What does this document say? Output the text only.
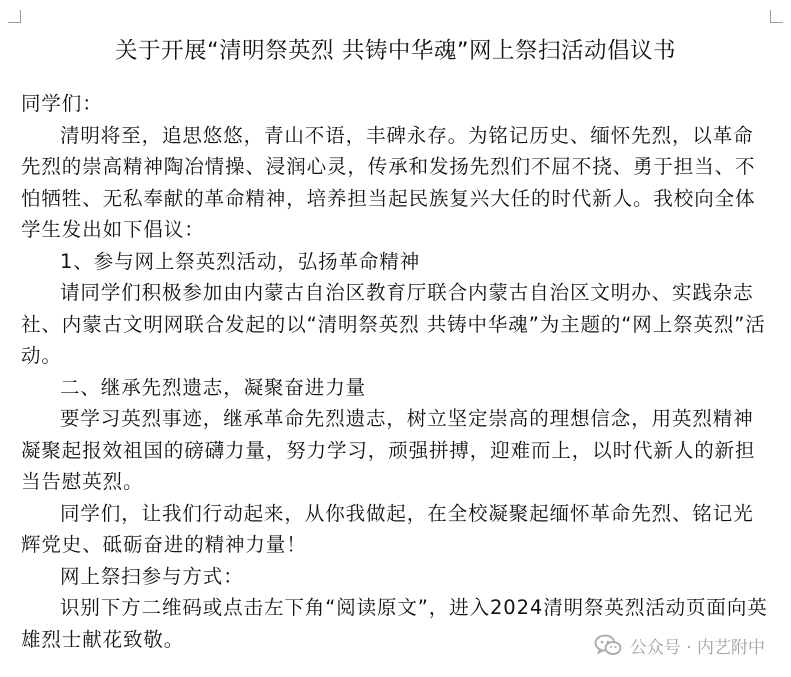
关于开展“清明祭英烈 共铸中华魂”网上祭扫活动倡议书

同学们：

清明将至，追思悠悠，青山不语，丰碑永存。为铭记历史、缅怀先烈，以革命先烈的崇高精神陶冶情操、浸润心灵，传承和发扬先烈们不屈不挠、勇于担当、不怕牺牲、无私奉献的革命精神，培养担当起民族复兴大任的时代新人。我校向全体学生发出如下倡议：

1、参与网上祭英烈活动，弘扬革命精神

请同学们积极参加由内蒙古自治区教育厅联合内蒙古自治区文明办、实践杂志社、内蒙古文明网联合发起的以“清明祭英烈 共铸中华魂”为主题的“网上祭英烈”活动。

二、继承先烈遗志，凝聚奋进力量

要学习英烈事迹，继承革命先烈遗志，树立坚定崇高的理想信念，用英烈精神凝聚起报效祖国的磅礴力量，努力学习，顽强拼搏，迎难而上，以时代新人的新担当告慰英烈。

同学们，让我们行动起来，从你我做起，在全校凝聚起缅怀革命先烈、铭记光辉党史、砥砺奋进的精神力量！

网上祭扫参与方式：

识别下方二维码或点击左下角“阅读原文”，进入2024清明祭英烈活动页面向英雄烈士献花致敬。	公众号 · 内艺附中
